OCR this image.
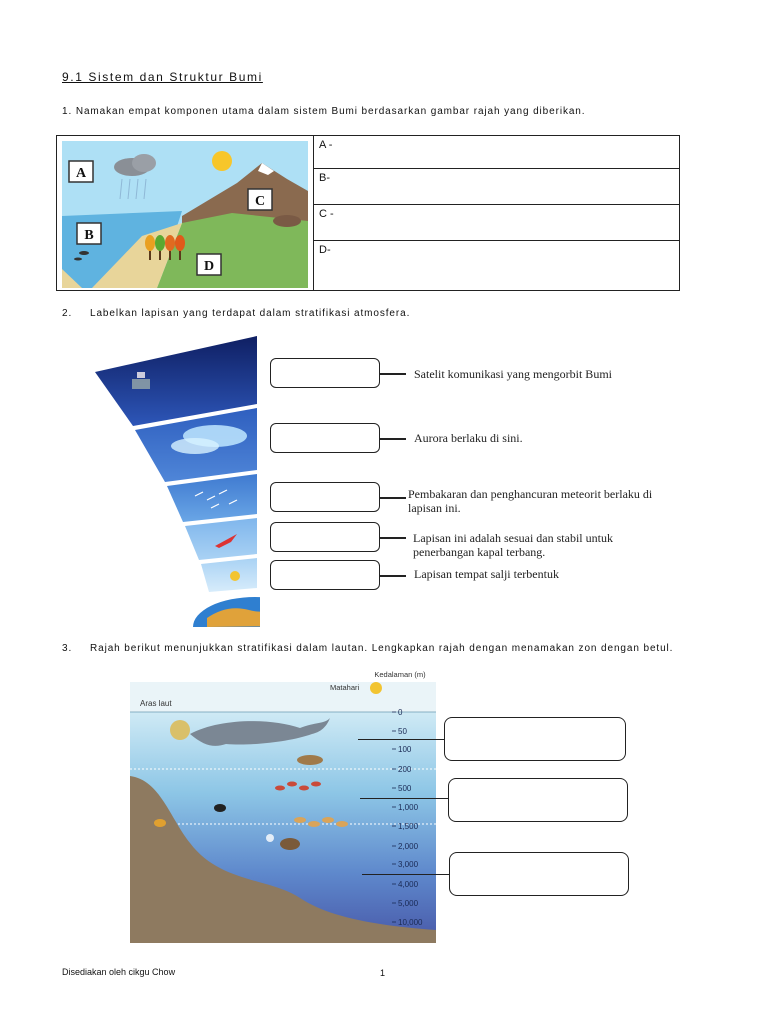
9.1 Sistem dan Struktur Bumi
1. Namakan empat komponen utama dalam sistem Bumi berdasarkan gambar rajah yang diberikan.
A
B
C
D
A -
B-
C -
D-
2. Labelkan lapisan yang terdapat dalam stratifikasi atmosfera.
Satelit komunikasi yang mengorbit Bumi
Aurora berlaku di sini.
Pembakaran dan penghancuran meteorit berlaku di lapisan ini.
Lapisan ini adalah sesuai dan stabil untuk penerbangan kapal terbang.
Lapisan tempat salji terbentuk
3. Rajah berikut menunjukkan stratifikasi dalam lautan. Lengkapkan rajah dengan menamakan zon dengan betul.
Aras laut
Matahari
Kedalaman (m)
0
50
100
200
500
1,000
1,500
2,000
3,000
4,000
5,000
10,000
Disediakan oleh cikgu Chow	1
